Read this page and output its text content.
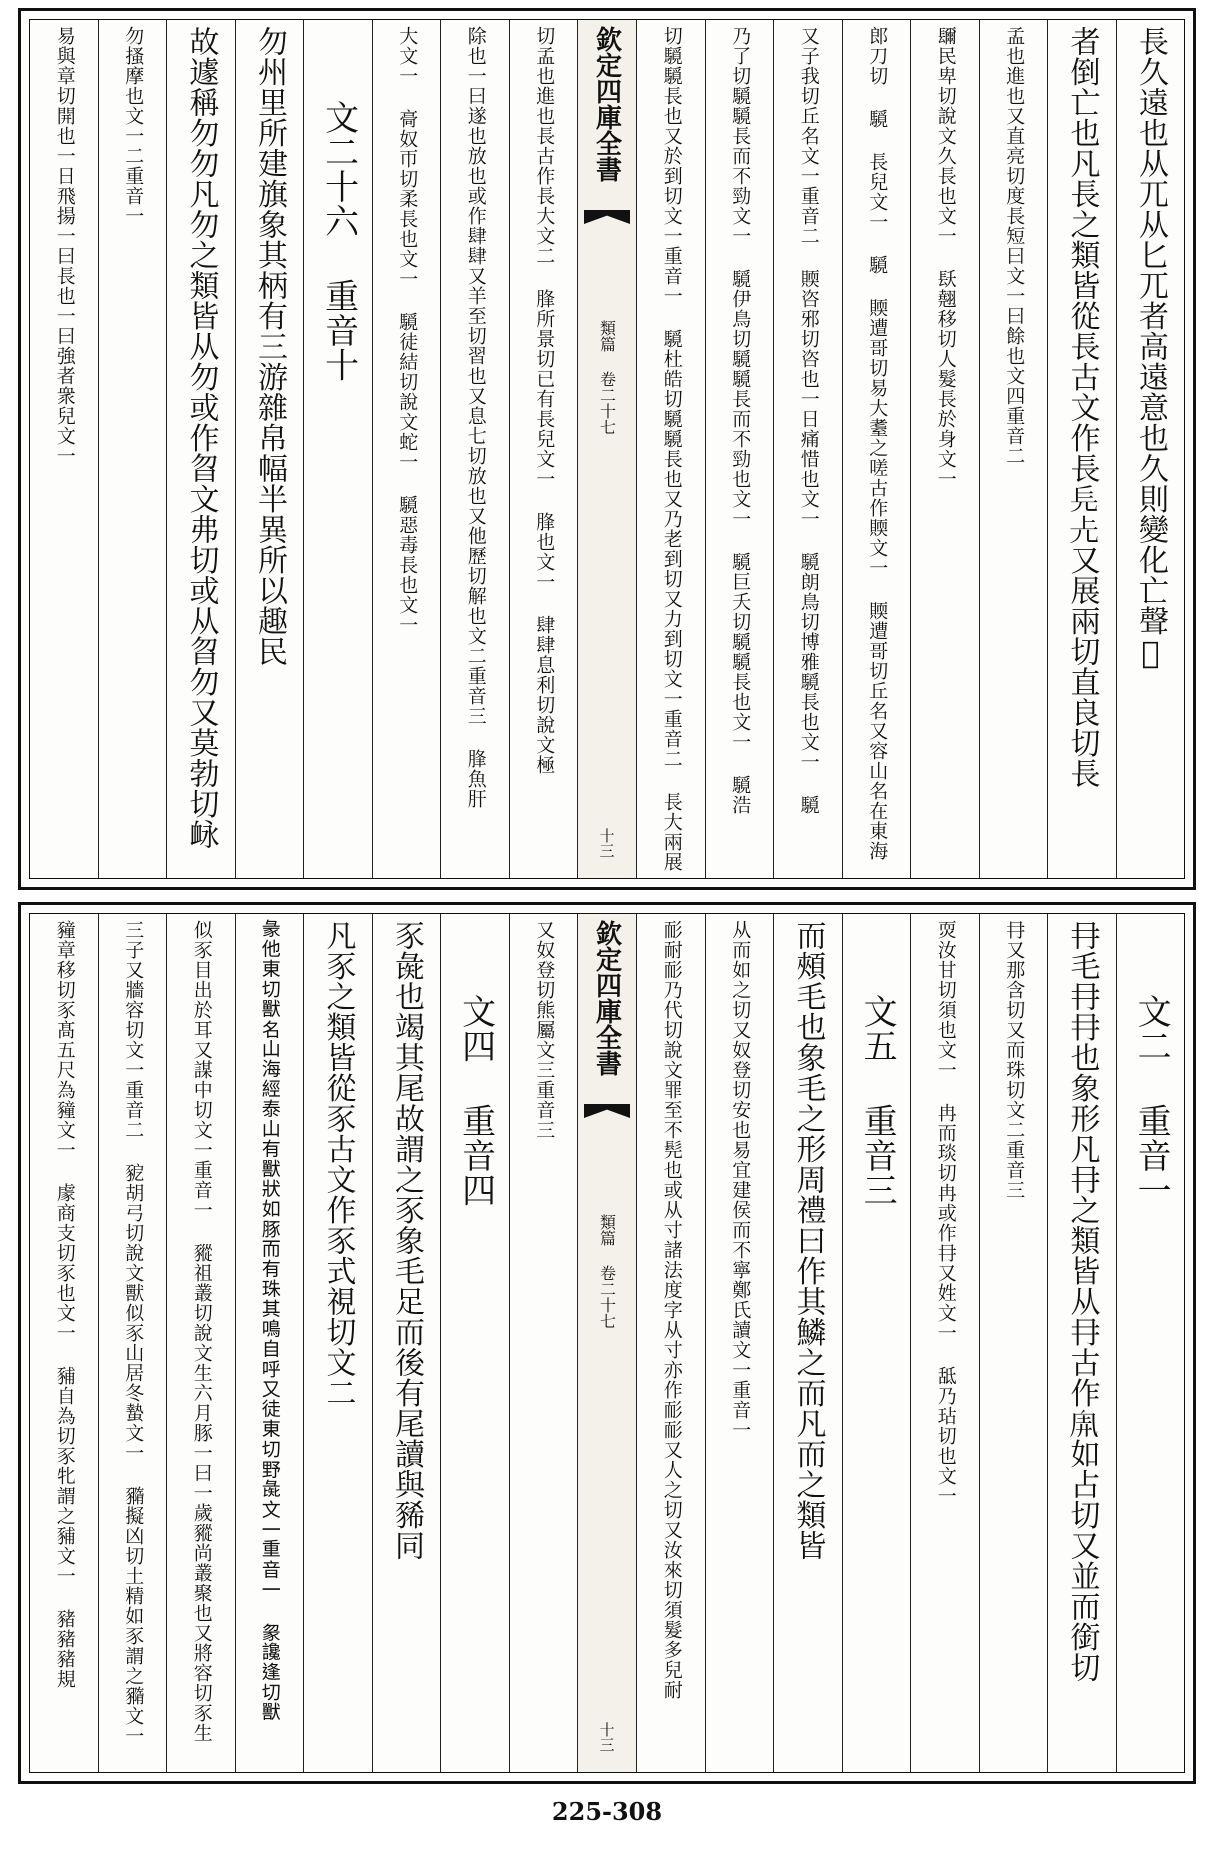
長久遠也从兀从匕兀者高遠意也久則變化亡聲𠄠
者倒亡也凡長之類皆從長古文作長𠑿𠑷又展兩切直良切長
孟也進也又直亮切度長短曰文一曰餘也文四重音二
镾民卑切說文久長也文一 镺翹移切人髮長於身文一
郎刀切 䮭 長兒文一 䮭 䞂遭哥切易大耋之嗟古作䞂文一 䞂遭哥切丘名又容山名在東海
又子我切丘名文一重音二 䞂咨邪切咨也一日痛惜也文一 䮭朗鳥切博雅䮭長也文一 䮭
乃了切䮭䮭長而不勁文一 䮭伊鳥切䮭䮭長而不勁也文一 䮭巨夭切䮭䮭長也文一 䮭浩
切䮭䮭長也又於到切文一重音一 䮭杜皓切䮭䮭長也又乃老到切又力到切文一重音二 長大兩展
欽定四庫全書
類篇 卷二十七
十三
切孟也進也長古作長大文二 䏺所景切已有長兒文一 䏺也文一 肆肆息利切說文極
除也一曰遂也放也或作肆肆又羊至切習也又息七切放也又他歷切解也文二重音三 䏺魚肝
大文一 䯧奴帀切柔長也文一 䮭徒結切說文蛇一 䮭惡毒長也文一
文二十六 重音十
勿州里所建旗象其柄有三游雜帛幅半異所以趣民
故遽稱勿勿凡勿之類皆从勿或作㫚文弗切或从㫚勿又莫勃切䘑
勿搔摩也文一二重音一
易與章切開也一日飛揚一曰長也一曰強者衆兒文一
文二 重音一
冄毛冄冄也象形凡冄之類皆从冄古作𠂸如占切又並而銜切
冄又那含切又而珠切文二重音三
䎡汝甘切須也文一 冉而琰切冉或作冄又姓文一 䑛乃玷切也文一
文五 重音三
而頰毛也象毛之形周禮曰作其鱗之而凡而之類皆
从而如之切又奴登切安也易宜建侯而不寧鄭氏讀文一重音一
耏耐耏乃代切說文罪至不髡也或从寸諸法度字从寸亦作耏耏又人之切又汝來切須髮多兒耐
欽定四庫全書
類篇 卷二十七
十三
又奴登切熊屬文三重音三
文四 重音四
豕彘也竭其尾故謂之豕象毛足而後有尾讀與豨同
凡豕之類皆從豕古文作豕式視切文二
𧰲他東切獸名山海經泰山有獸狀如豚而有珠其鳴自呼又徒東切野彘文一重音一 䝆讒逢切獸
似豕目出於耳又謀中切文一重音一 豵祖叢切說文生六月豚一曰一歲豵尚叢聚也又將容切豕生
三子又牆容切文一重音二 豟胡弓切說文獸似豕山居冬蟄文一 䝐擬凶切土精如豕謂之䝐文一
䝑章移切豕髙五尺為䝑文一 豦商支切豕也文一 豧自為切豕牝謂之豧文一 豬豬豬規
225-308
